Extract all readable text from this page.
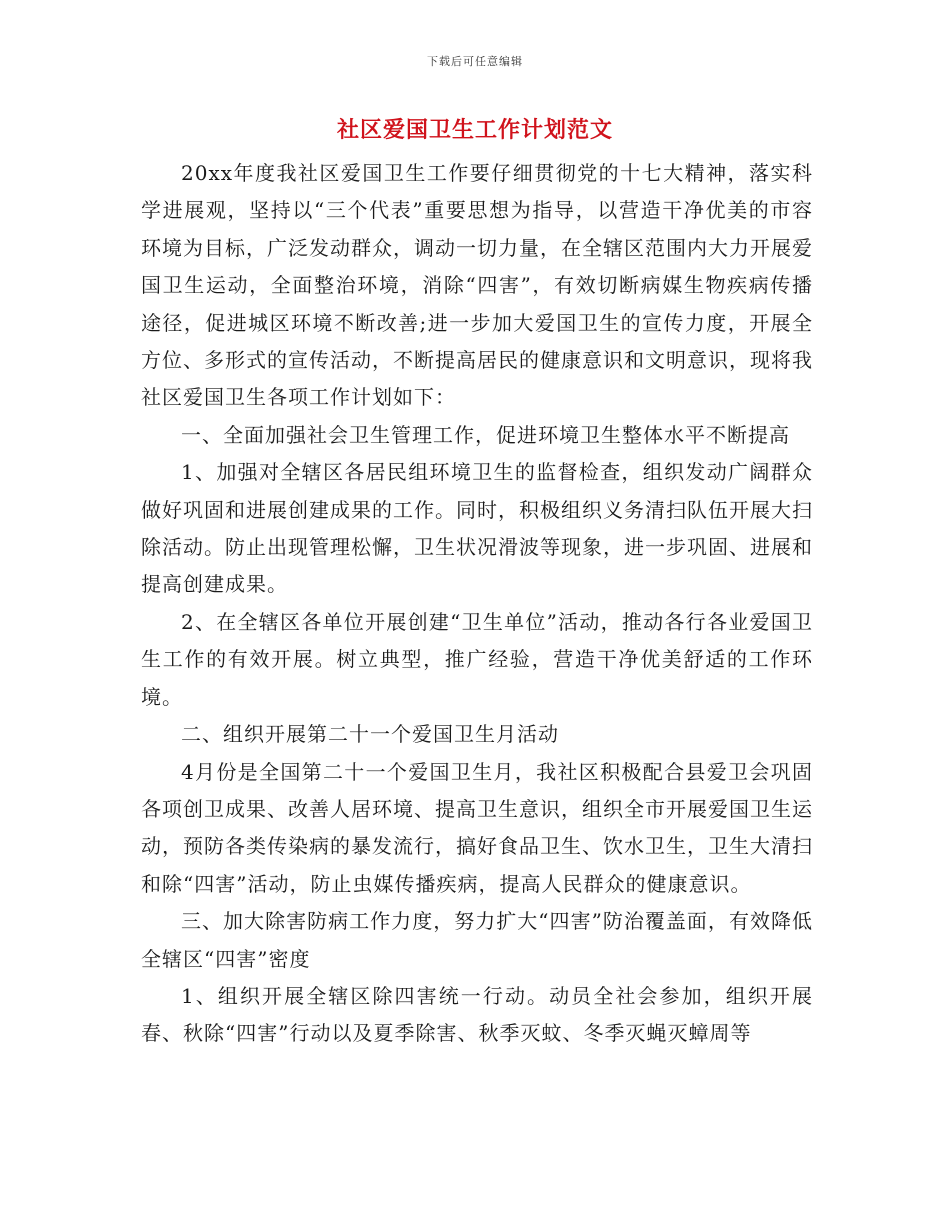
下载后可任意编辑
社区爱国卫生工作计划范文

20xx年度我社区爱国卫生工作要仔细贯彻党的十七大精神，落实科学进展观，坚持以“三个代表”重要思想为指导，以营造干净优美的市容环境为目标，广泛发动群众，调动一切力量，在全辖区范围内大力开展爱国卫生运动，全面整治环境，消除“四害”，有效切断病媒生物疾病传播途径，促进城区环境不断改善;进一步加大爱国卫生的宣传力度，开展全方位、多形式的宣传活动，不断提高居民的健康意识和文明意识，现将我社区爱国卫生各项工作计划如下：

一、全面加强社会卫生管理工作，促进环境卫生整体水平不断提高

1、加强对全辖区各居民组环境卫生的监督检查，组织发动广阔群众做好巩固和进展创建成果的工作。同时，积极组织义务清扫队伍开展大扫除活动。防止出现管理松懈，卫生状况滑波等现象，进一步巩固、进展和提高创建成果。

2、在全辖区各单位开展创建“卫生单位”活动，推动各行各业爱国卫生工作的有效开展。树立典型，推广经验，营造干净优美舒适的工作环境。

二、组织开展第二十一个爱国卫生月活动

4月份是全国第二十一个爱国卫生月，我社区积极配合县爱卫会巩固各项创卫成果、改善人居环境、提高卫生意识，组织全市开展爱国卫生运动，预防各类传染病的暴发流行，搞好食品卫生、饮水卫生，卫生大清扫和除“四害”活动，防止虫媒传播疾病，提高人民群众的健康意识。

三、加大除害防病工作力度，努力扩大“四害”防治覆盖面，有效降低全辖区“四害”密度

1、组织开展全辖区除四害统一行动。动员全社会参加，组织开展春、秋除“四害”行动以及夏季除害、秋季灭蚊、冬季灭蝇灭蟑周等
